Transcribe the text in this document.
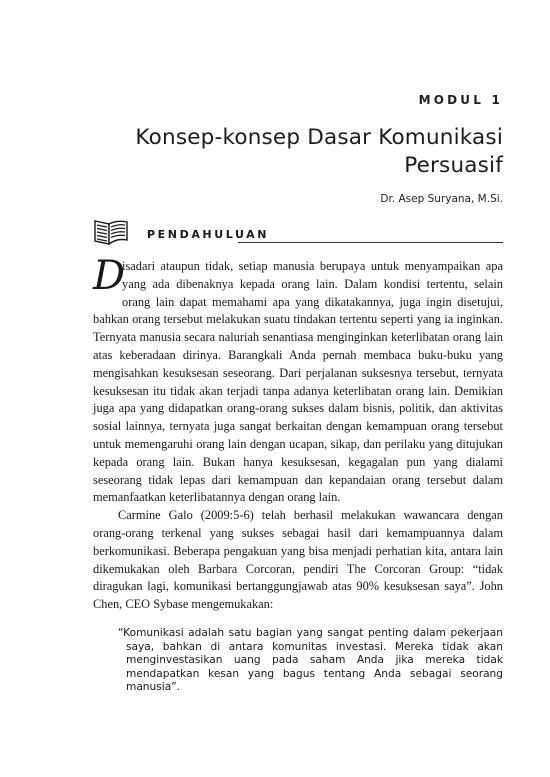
MODUL 1
Konsep-konsep Dasar Komunikasi Persuasif
Dr. Asep Suryana, M.Si.
PENDAHULUAN

D
isadari ataupun tidak, setiap manusia berupaya untuk menyampaikan apa yang ada dibenaknya kepada orang lain. Dalam kondisi tertentu, selain orang lain dapat memahami apa yang dikatakannya, juga ingin disetujui, bahkan orang tersebut melakukan suatu tindakan tertentu seperti yang ia inginkan. Ternyata manusia secara naluriah senantiasa menginginkan keterlibatan orang lain atas keberadaan dirinya. Barangkali Anda pernah membaca buku-buku yang mengisahkan kesuksesan seseorang. Dari perjalanan suksesnya tersebut, ternyata kesuksesan itu tidak akan terjadi tanpa adanya keterlibatan orang lain. Demikian juga apa yang didapatkan orang-orang sukses dalam bisnis, politik, dan aktivitas sosial lainnya, ternyata juga sangat berkaitan dengan kemampuan orang tersebut untuk memengaruhi orang lain dengan ucapan, sikap, dan perilaku yang ditujukan kepada orang lain. Bukan hanya kesuksesan, kegagalan pun yang dialami seseorang tidak lepas dari kemampuan dan kepandaian orang tersebut dalam memanfaatkan keterlibatannya dengan orang lain.

Carmine Galo (2009:5-6) telah berhasil melakukan wawancara dengan orang-orang terkenal yang sukses sebagai hasil dari kemampuannya dalam berkomunikasi. Beberapa pengakuan yang bisa menjadi perhatian kita, antara lain dikemukakan oleh Barbara Corcoran, pendiri The Corcoran Group: “tidak diragukan lagi, komunikasi bertanggungjawab atas 90% kesuksesan saya”. John Chen, CEO Sybase mengemukakan:

“Komunikasi adalah satu bagian yang sangat penting dalam pekerjaan saya, bahkan di antara komunitas investasi. Mereka tidak akan menginvestasikan uang pada saham Anda jika mereka tidak mendapatkan kesan yang bagus tentang Anda sebagai seorang manusia”.
